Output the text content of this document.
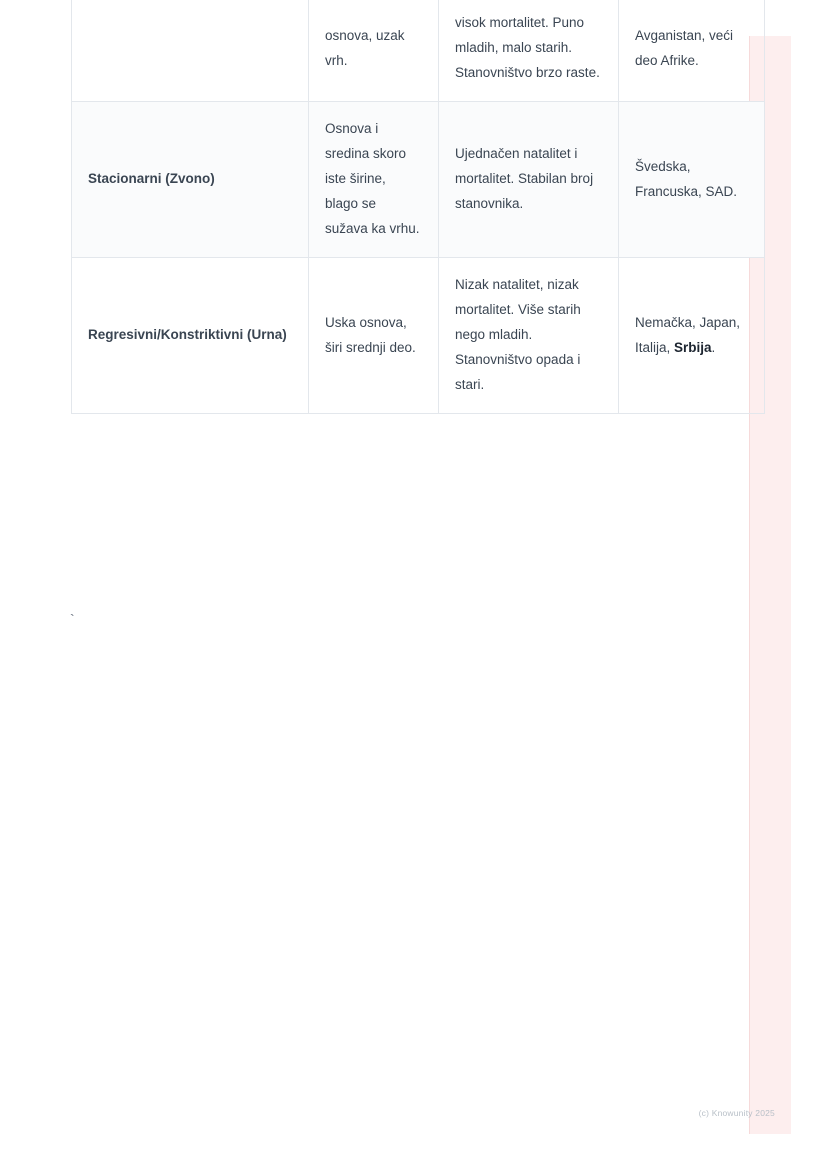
	osnova, uzak vrh.	visok mortalitet. Puno mladih, malo starih. Stanovništvo brzo raste.	Avganistan, veći deo Afrike.

Stacionarni (Zvono)	Osnova i sredina skoro iste širine, blago se sužava ka vrhu.	Ujednačen natalitet i mortalitet. Stabilan broj stanovnika.	Švedska, Francuska, SAD.
Regresivni/Konstriktivni (Urna)	Uska osnova, širi srednji deo.	Nizak natalitet, nizak mortalitet. Više starih nego mladih. Stanovništvo opada i stari.	Nemačka, Japan, Italija, Srbija.
`
(c) Knowunity 2025
